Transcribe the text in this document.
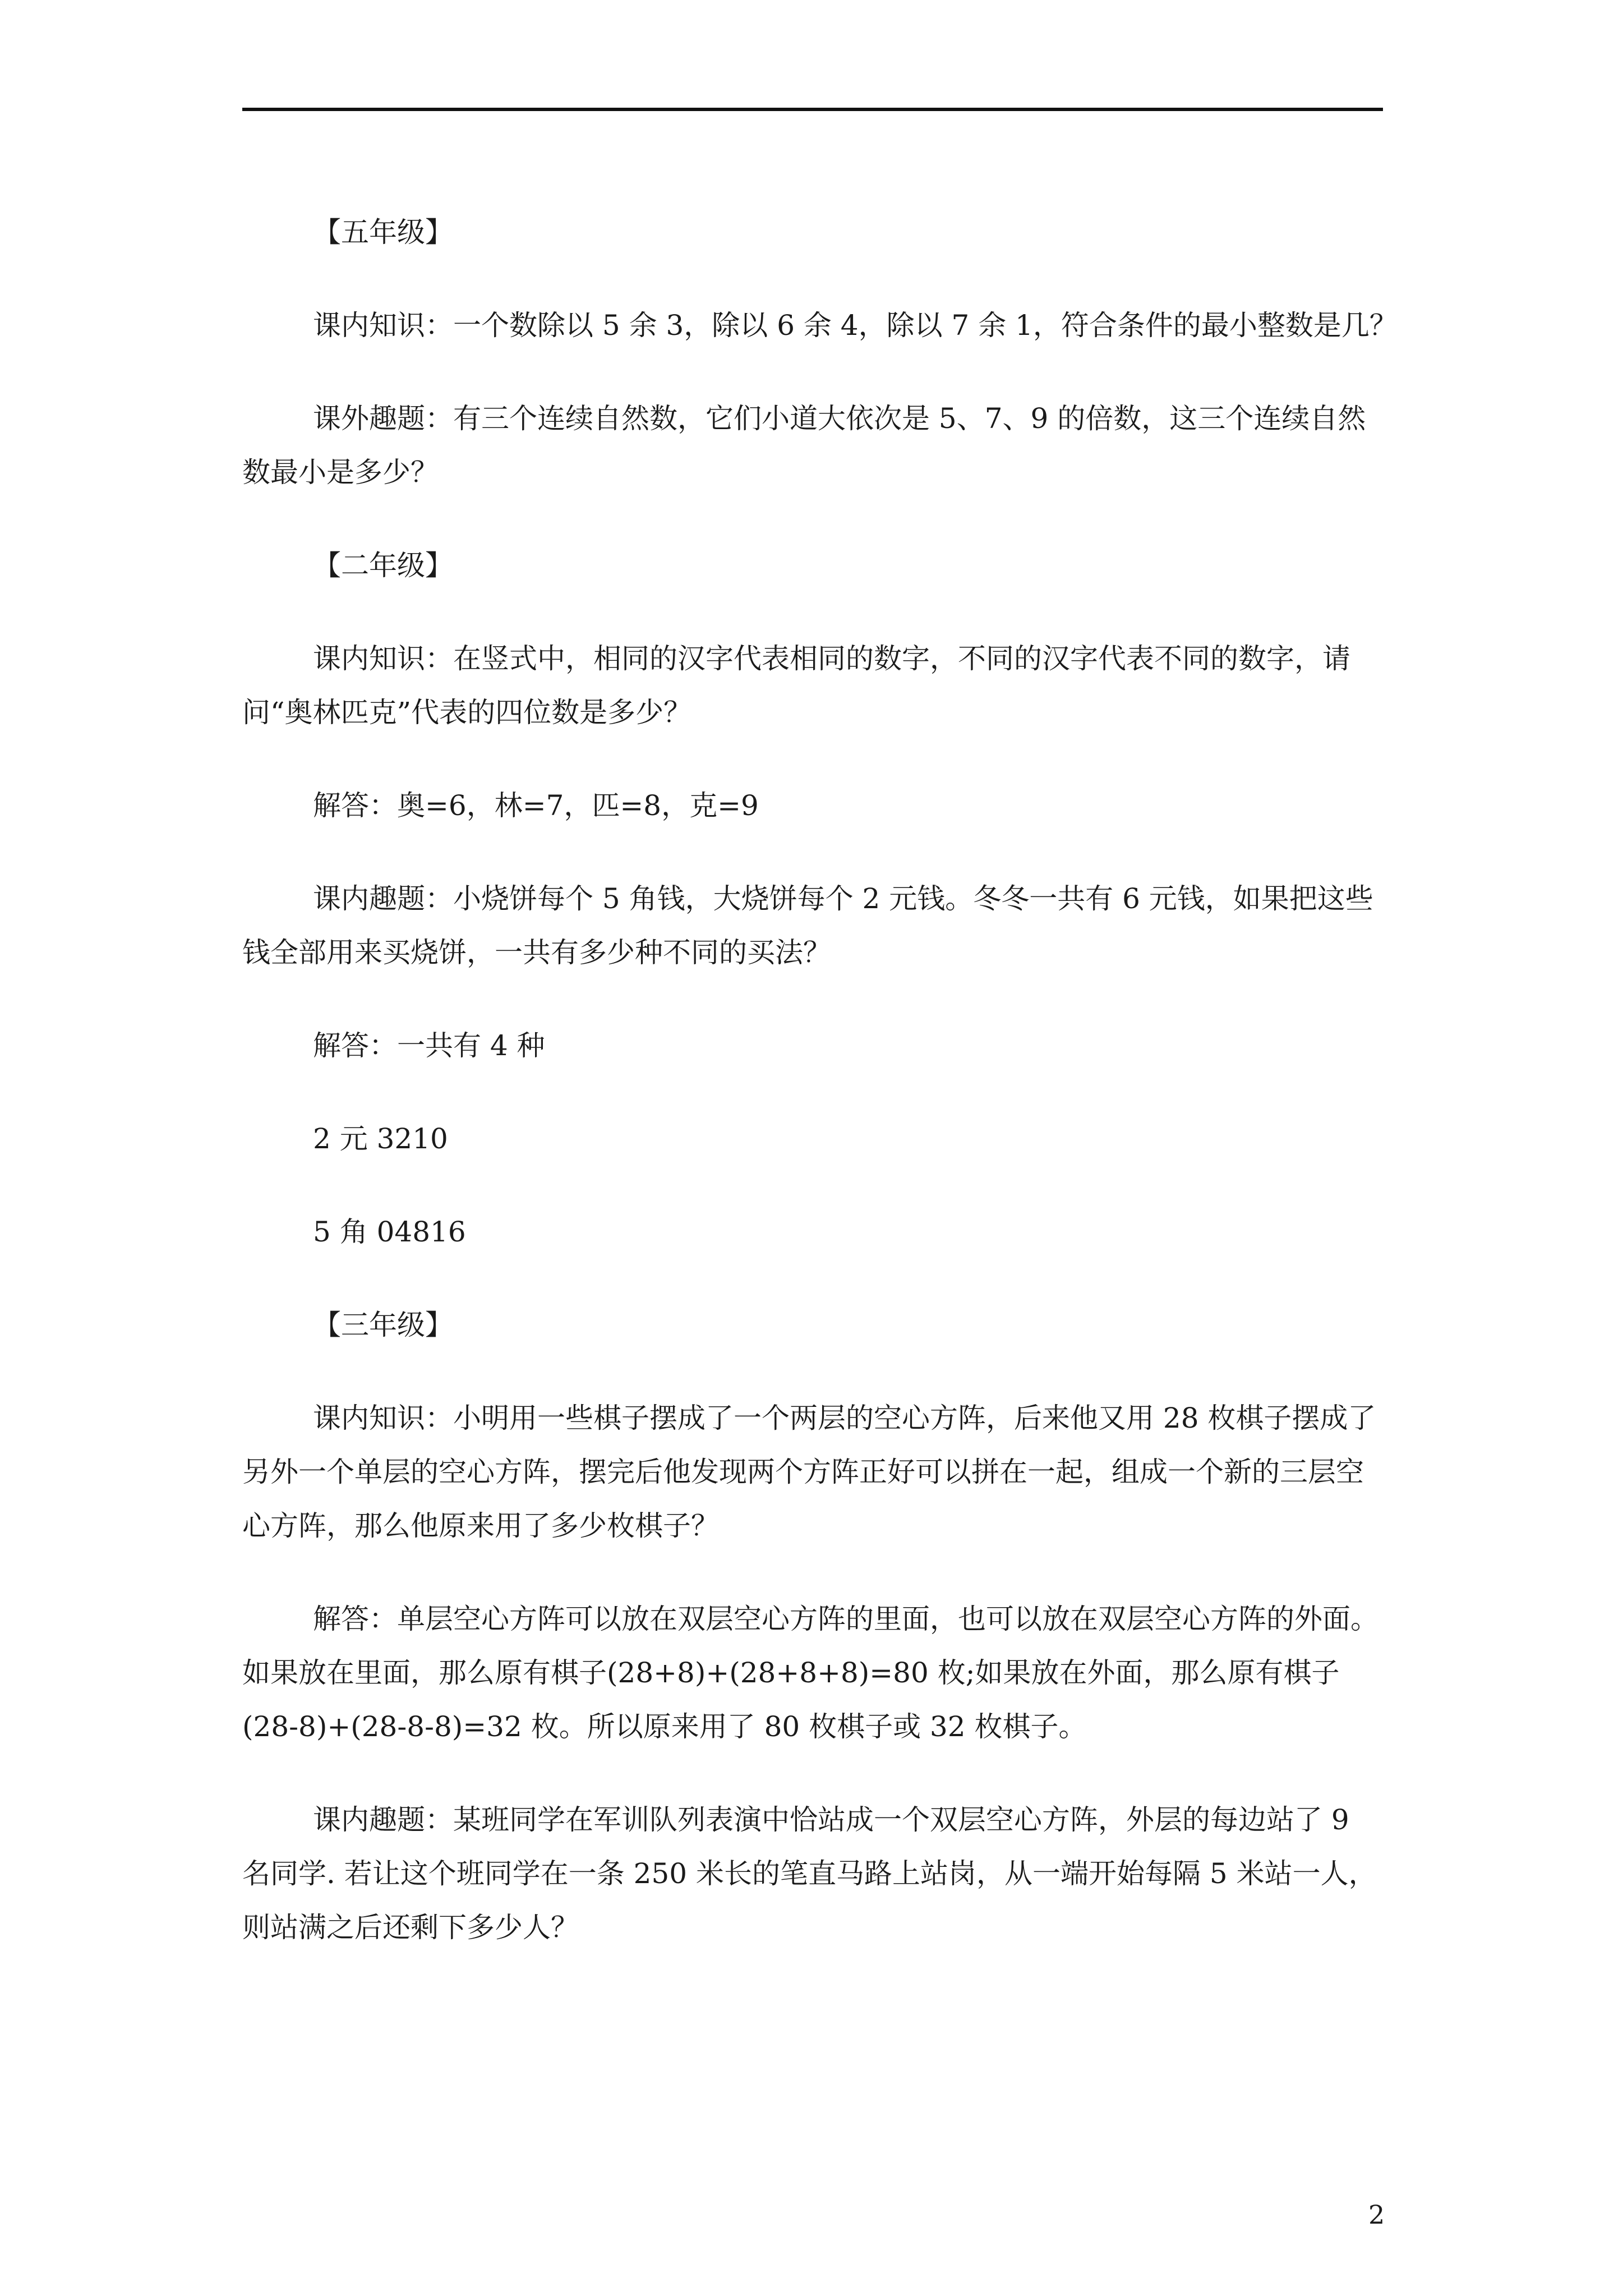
【五年级】
课内知识：一个数除以 5 余 3，除以 6 余 4，除以 7 余 1，符合条件的最小整数是几？
课外趣题：有三个连续自然数，它们小道大依次是 5、7、9 的倍数，这三个连续自然
数最小是多少？
【二年级】
课内知识：在竖式中，相同的汉字代表相同的数字，不同的汉字代表不同的数字，请
问“奥林匹克”代表的四位数是多少？
解答：奥=6，林=7，匹=8，克=9
课内趣题：小烧饼每个 5 角钱，大烧饼每个 2 元钱。冬冬一共有 6 元钱，如果把这些
钱全部用来买烧饼，一共有多少种不同的买法？
解答：一共有 4 种
2 元 3210
5 角 04816
【三年级】
课内知识：小明用一些棋子摆成了一个两层的空心方阵，后来他又用 28 枚棋子摆成了
另外一个单层的空心方阵，摆完后他发现两个方阵正好可以拼在一起，组成一个新的三层空
心方阵，那么他原来用了多少枚棋子？
解答：单层空心方阵可以放在双层空心方阵的里面，也可以放在双层空心方阵的外面。
如果放在里面，那么原有棋子(28+8)+(28+8+8)=80 枚;如果放在外面，那么原有棋子
(28-8)+(28-8-8)=32 枚。所以原来用了 80 枚棋子或 32 枚棋子。
课内趣题：某班同学在军训队列表演中恰站成一个双层空心方阵，外层的每边站了 9
名同学. 若让这个班同学在一条 250 米长的笔直马路上站岗，从一端开始每隔 5 米站一人，
则站满之后还剩下多少人？
2
